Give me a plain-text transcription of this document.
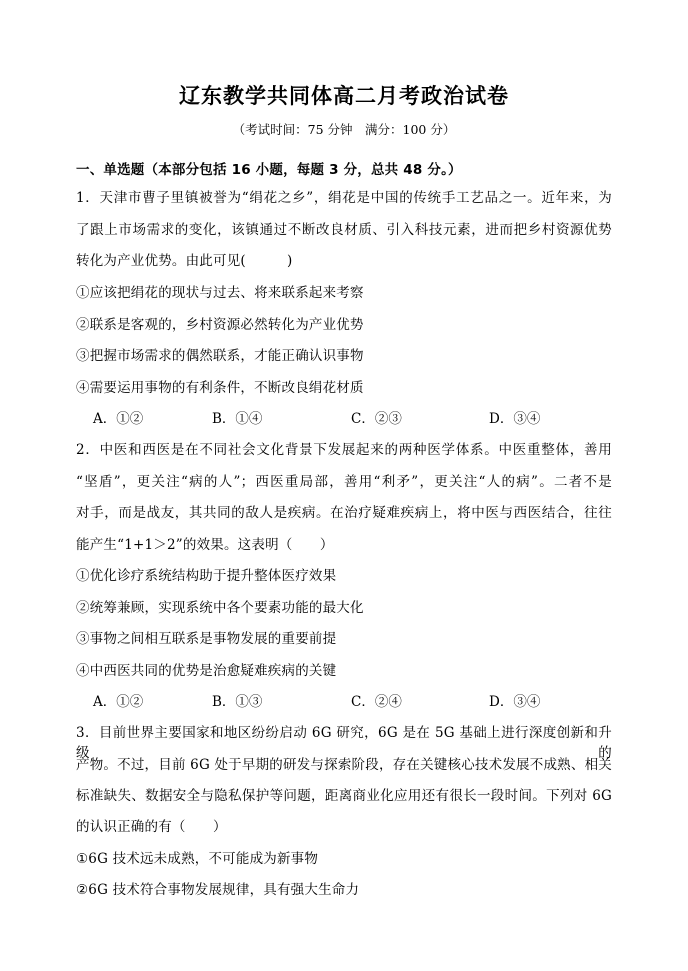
辽东教学共同体高二月考政治试卷
（考试时间：75 分钟　满分：100 分）
一、单选题（本部分包括 16 小题，每题 3 分，总共 48 分。）
1．天津市曹子里镇被誉为“绢花之乡”，绢花是中国的传统手工艺品之一。近年来，为
了跟上市场需求的变化，该镇通过不断改良材质、引入科技元素，进而把乡村资源优势
转化为产业优势。由此可见(　　　)
①应该把绢花的现状与过去、将来联系起来考察
②联系是客观的，乡村资源必然转化为产业优势
③把握市场需求的偶然联系，才能正确认识事物
④需要运用事物的有利条件，不断改良绢花材质
A．①②	B．①④	C．②③	D．③④
2．中医和西医是在不同社会文化背景下发展起来的两种医学体系。中医重整体，善用
“坚盾”，更关注“病的人”；西医重局部，善用“利矛”，更关注“人的病”。二者不是
对手，而是战友，其共同的敌人是疾病。在治疗疑难疾病上，将中医与西医结合，往往
能产生“1+1＞2”的效果。这表明（　　）
①优化诊疗系统结构助于提升整体医疗效果
②统筹兼顾，实现系统中各个要素功能的最大化
③事物之间相互联系是事物发展的重要前提
④中西医共同的优势是治愈疑难疾病的关键
A．①②	B．①③	C．②④	D．③④
3．目前世界主要国家和地区纷纷启动 6G 研究，6G 是在 5G 基础上进行深度创新和升级的
产物。不过，目前 6G 处于早期的研发与探索阶段，存在关键核心技术发展不成熟、相关
标准缺失、数据安全与隐私保护等问题，距离商业化应用还有很长一段时间。下列对 6G
的认识正确的有（　　）
①6G 技术远未成熟，不可能成为新事物
②6G 技术符合事物发展规律，具有强大生命力
